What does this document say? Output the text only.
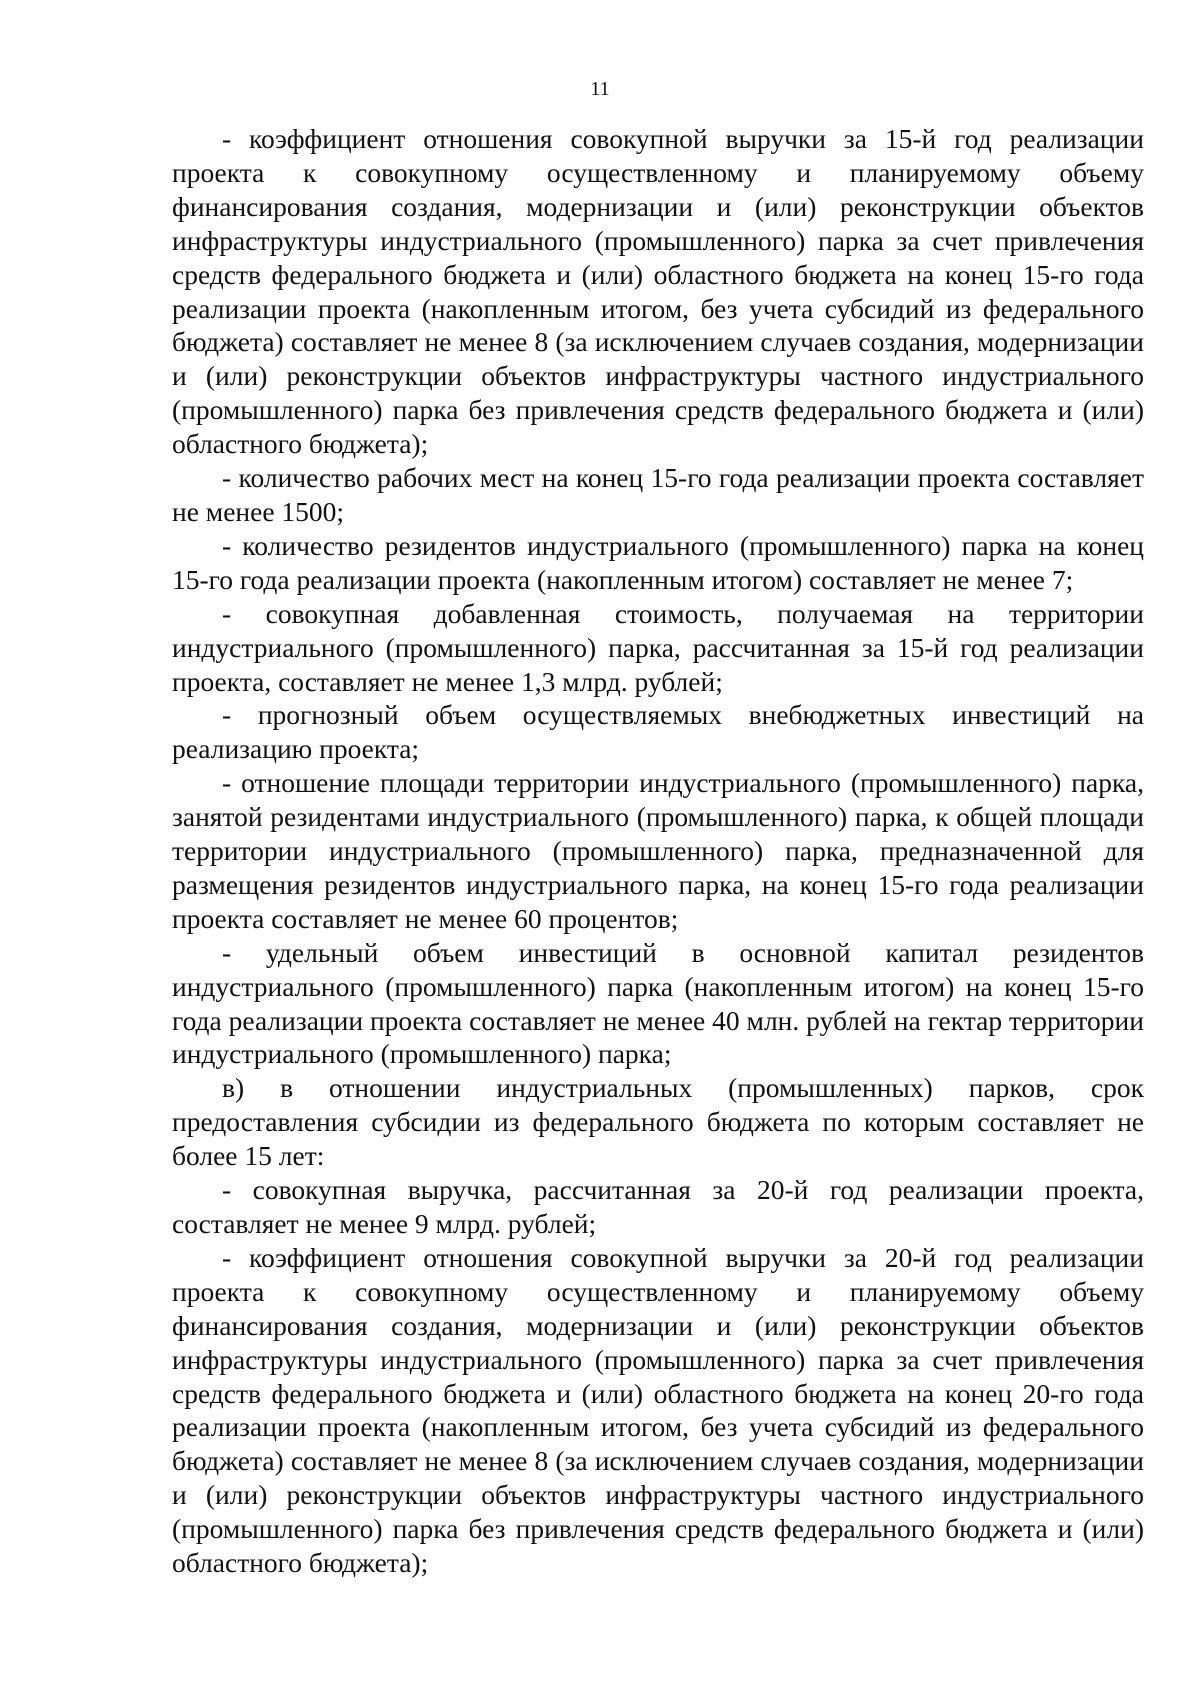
11

- коэффициент отношения совокупной выручки за 15-й год реализации проекта к совокупному осуществленному и планируемому объему финансирования создания, модернизации и (или) реконструкции объектов инфраструктуры индустриального (промышленного) парка за счет привлечения средств федерального бюджета и (или) областного бюджета на конец 15-го года реализации проекта (накопленным итогом, без учета субсидий из федерального бюджета) составляет не менее 8 (за исключением случаев создания, модернизации и (или) реконструкции объектов инфраструктуры частного индустриального (промышленного) парка без привлечения средств федерального бюджета и (или) областного бюджета);

- количество рабочих мест на конец 15-го года реализации проекта составляет не менее 1500;

- количество резидентов индустриального (промышленного) парка на конец 15-го года реализации проекта (накопленным итогом) составляет не менее 7;

- совокупная добавленная стоимость, получаемая на территории индустриального (промышленного) парка, рассчитанная за 15-й год реализации проекта, составляет не менее 1,3 млрд. рублей;

- прогнозный объем осуществляемых внебюджетных инвестиций на реализацию проекта;

- отношение площади территории индустриального (промышленного) парка, занятой резидентами индустриального (промышленного) парка, к общей площади территории индустриального (промышленного) парка, предназначенной для размещения резидентов индустриального парка, на конец 15-го года реализации проекта составляет не менее 60 процентов;

- удельный объем инвестиций в основной капитал резидентов индустриального (промышленного) парка (накопленным итогом) на конец 15-го года реализации проекта составляет не менее 40 млн. рублей на гектар территории индустриального (промышленного) парка;

в) в отношении индустриальных (промышленных) парков, срок предоставления субсидии из федерального бюджета по которым составляет не более 15 лет:

- совокупная выручка, рассчитанная за 20-й год реализации проекта, составляет не менее 9 млрд. рублей;

- коэффициент отношения совокупной выручки за 20-й год реализации проекта к совокупному осуществленному и планируемому объему финансирования создания, модернизации и (или) реконструкции объектов инфраструктуры индустриального (промышленного) парка за счет привлечения средств федерального бюджета и (или) областного бюджета на конец 20-го года реализации проекта (накопленным итогом, без учета субсидий из федерального бюджета) составляет не менее 8 (за исключением случаев создания, модернизации и (или) реконструкции объектов инфраструктуры частного индустриального (промышленного) парка без привлечения средств федерального бюджета и (или) областного бюджета);
